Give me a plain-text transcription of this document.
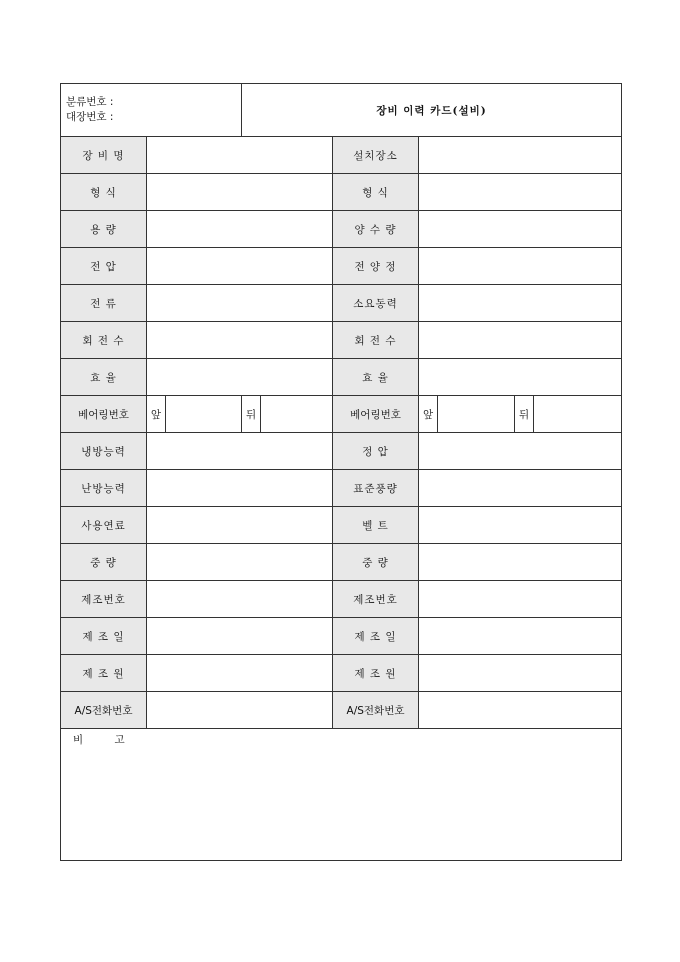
분류번호 :
대장번호 :			장비 이력 카드(설비)						
장 비 명					설치장소				
형 식					형 식				
용 량					양 수 량				
전 압					전 양 정				
전 류					소요동력				
회 전 수					회 전 수				
효 율					효 율				
베어링번호	앞		뒤		베어링번호	앞		뒤	
냉방능력					정 압				
난방능력					표준풍량				
사용연료					벨 트				
중 량					중 량				
제조번호					제조번호				
제 조 일					제 조 일				
제 조 원					제 조 원				
A/S전화번호					A/S전화번호				
비 고									
